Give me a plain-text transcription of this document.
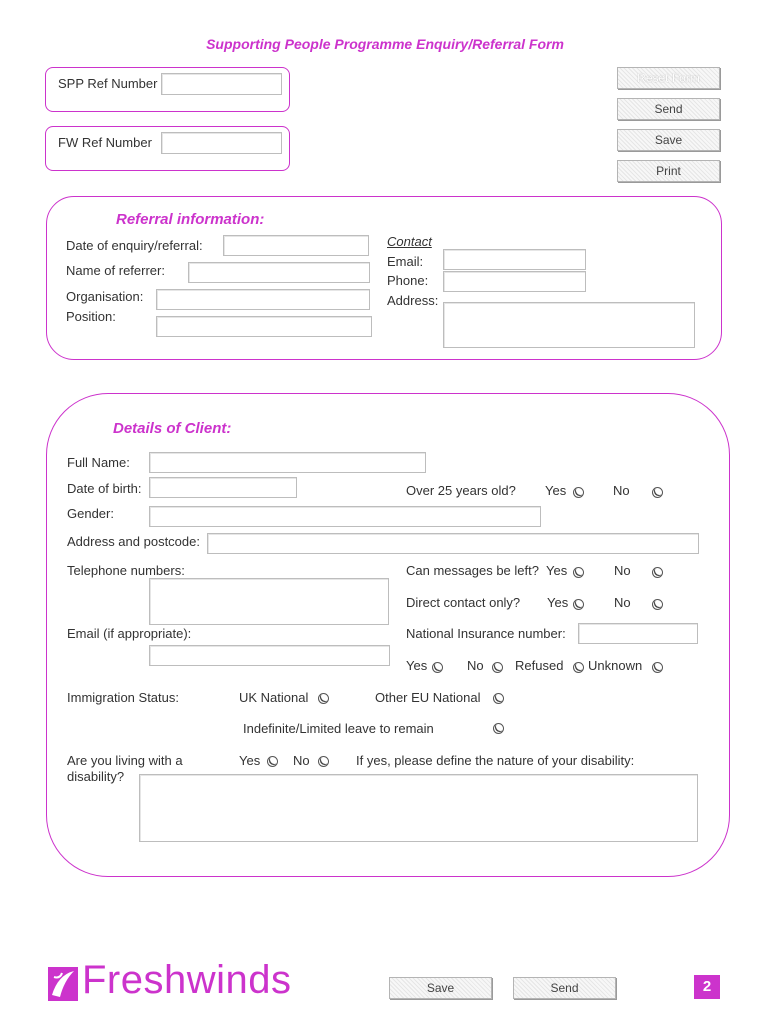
Supporting People Programme Enquiry/Referral Form
SPP Ref Number
FW Ref Number
Reset Form
Send
Save
Print
Referral information:
Date of enquiry/referral:
Name of referrer:
Organisation:
Position:
Contact
Email:
Phone:
Address:
Details of Client:
Full Name:
Date of birth:	Over 25 years old? Yes	No
Gender:
Address and postcode:
Telephone numbers:	Can messages be left? Yes	No
Direct contact only? Yes	No
Email (if appropriate):	National Insurance number:
Yes	No Refused Unknown
Immigration Status:	UK National	Other EU National
Indefinite/Limited leave to remain
Are you living with a
disability?
Yes	No	If yes, please define the nature of your disability:
Freshwinds	Save	Send	2
